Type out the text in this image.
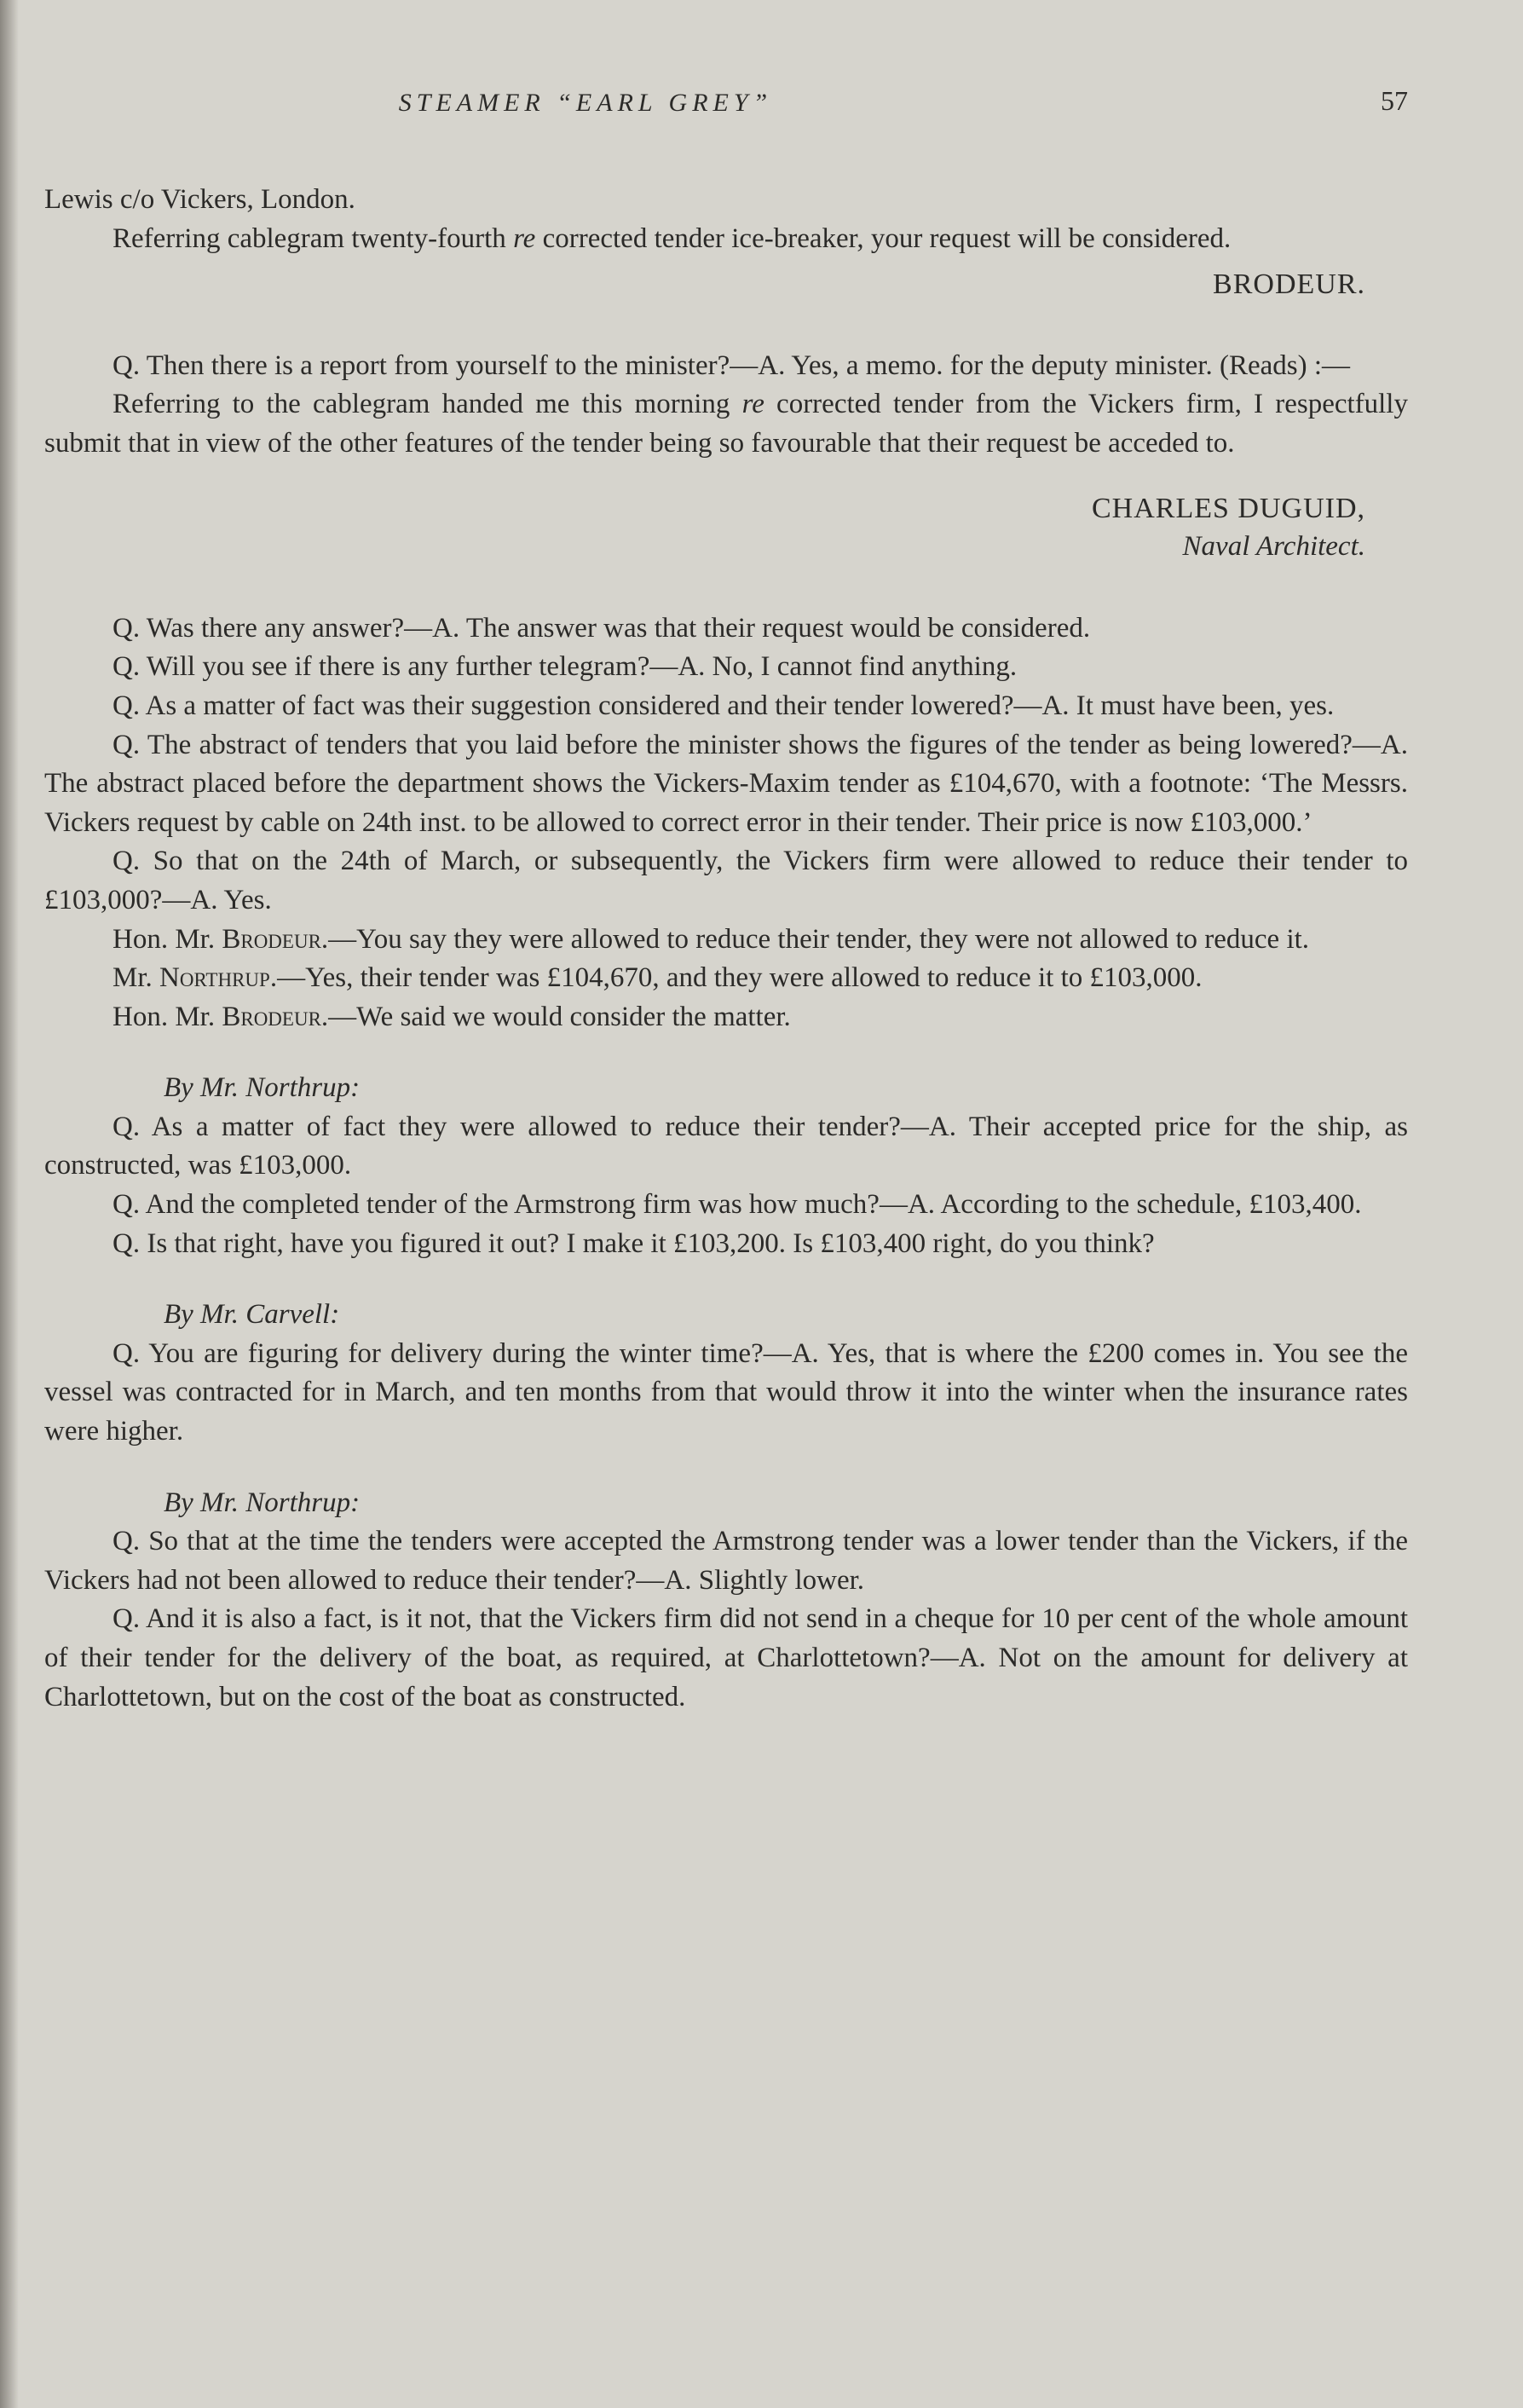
STEAMER “EARL GREY”	57

Lewis c/o Vickers, London.

Referring cablegram twenty-fourth re corrected tender ice-breaker, your request will be considered.

BRODEUR.

Q. Then there is a report from yourself to the minister?—A. Yes, a memo. for the deputy minister. (Reads) :—

Referring to the cablegram handed me this morning re corrected tender from the Vickers firm, I respectfully submit that in view of the other features of the tender being so favourable that their request be acceded to.

CHARLES DUGUID,

Naval Architect.

Q. Was there any answer?—A. The answer was that their request would be considered.

Q. Will you see if there is any further telegram?—A. No, I cannot find anything.

Q. As a matter of fact was their suggestion considered and their tender lowered?—A. It must have been, yes.

Q. The abstract of tenders that you laid before the minister shows the figures of the tender as being lowered?—A. The abstract placed before the department shows the Vickers-Maxim tender as £104,670, with a footnote: ‘The Messrs. Vickers request by cable on 24th inst. to be allowed to correct error in their tender. Their price is now £103,000.’

Q. So that on the 24th of March, or subsequently, the Vickers firm were allowed to reduce their tender to £103,000?—A. Yes.

Hon. Mr. Brodeur.—You say they were allowed to reduce their tender, they were not allowed to reduce it.

Mr. Northrup.—Yes, their tender was £104,670, and they were allowed to reduce it to £103,000.

Hon. Mr. Brodeur.—We said we would consider the matter.

By Mr. Northrup:

Q. As a matter of fact they were allowed to reduce their tender?—A. Their accepted price for the ship, as constructed, was £103,000.

Q. And the completed tender of the Armstrong firm was how much?—A. According to the schedule, £103,400.

Q. Is that right, have you figured it out? I make it £103,200. Is £103,400 right, do you think?

By Mr. Carvell:

Q. You are figuring for delivery during the winter time?—A. Yes, that is where the £200 comes in. You see the vessel was contracted for in March, and ten months from that would throw it into the winter when the insurance rates were higher.

By Mr. Northrup:

Q. So that at the time the tenders were accepted the Armstrong tender was a lower tender than the Vickers, if the Vickers had not been allowed to reduce their tender?—A. Slightly lower.

Q. And it is also a fact, is it not, that the Vickers firm did not send in a cheque for 10 per cent of the whole amount of their tender for the delivery of the boat, as required, at Charlottetown?—A. Not on the amount for delivery at Charlottetown, but on the cost of the boat as constructed.
